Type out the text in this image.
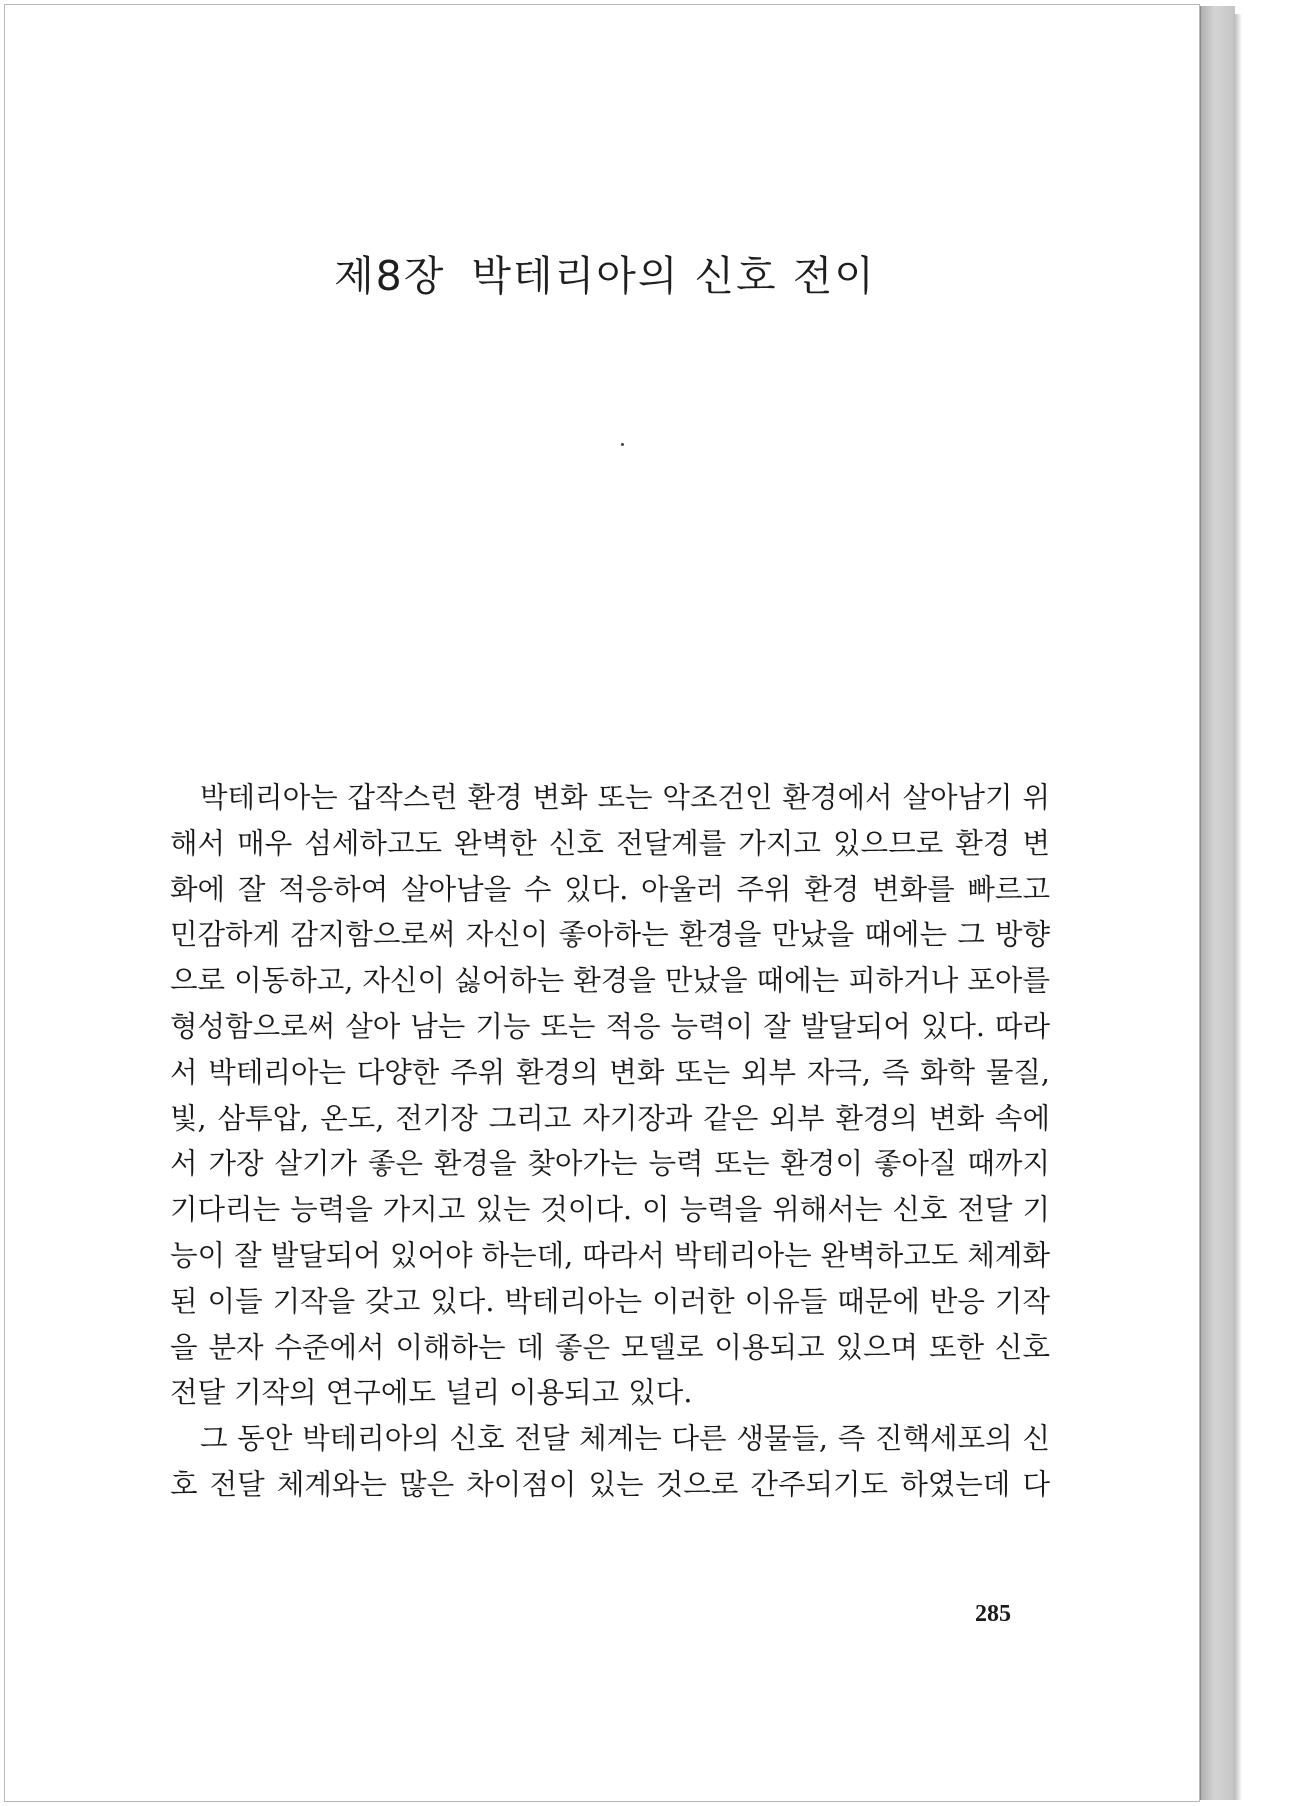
제8장 박테리아의 신호 전이
박테리아는 갑작스런 환경 변화 또는 악조건인 환경에서 살아남기 위
해서 매우 섬세하고도 완벽한 신호 전달계를 가지고 있으므로 환경 변
화에 잘 적응하여 살아남을 수 있다. 아울러 주위 환경 변화를 빠르고
민감하게 감지함으로써 자신이 좋아하는 환경을 만났을 때에는 그 방향
으로 이동하고, 자신이 싫어하는 환경을 만났을 때에는 피하거나 포아를
형성함으로써 살아 남는 기능 또는 적응 능력이 잘 발달되어 있다. 따라
서 박테리아는 다양한 주위 환경의 변화 또는 외부 자극, 즉 화학 물질,
빛, 삼투압, 온도, 전기장 그리고 자기장과 같은 외부 환경의 변화 속에
서 가장 살기가 좋은 환경을 찾아가는 능력 또는 환경이 좋아질 때까지
기다리는 능력을 가지고 있는 것이다. 이 능력을 위해서는 신호 전달 기
능이 잘 발달되어 있어야 하는데, 따라서 박테리아는 완벽하고도 체계화
된 이들 기작을 갖고 있다. 박테리아는 이러한 이유들 때문에 반응 기작
을 분자 수준에서 이해하는 데 좋은 모델로 이용되고 있으며 또한 신호
전달 기작의 연구에도 널리 이용되고 있다.
그 동안 박테리아의 신호 전달 체계는 다른 생물들, 즉 진핵세포의 신
호 전달 체계와는 많은 차이점이 있는 것으로 간주되기도 하였는데 다
285
